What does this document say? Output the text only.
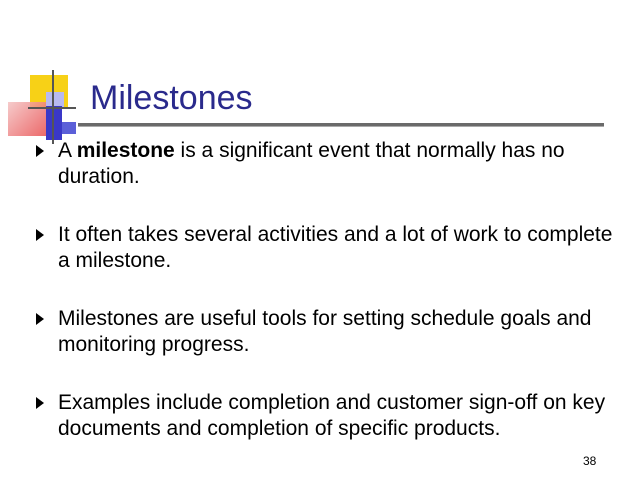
Milestones
A milestone is a significant event that normally has no duration.
It often takes several activities and a lot of work to complete a milestone.
Milestones are useful tools for setting schedule goals and monitoring progress.
Examples include completion and customer sign-off on key documents and completion of specific products.
38
